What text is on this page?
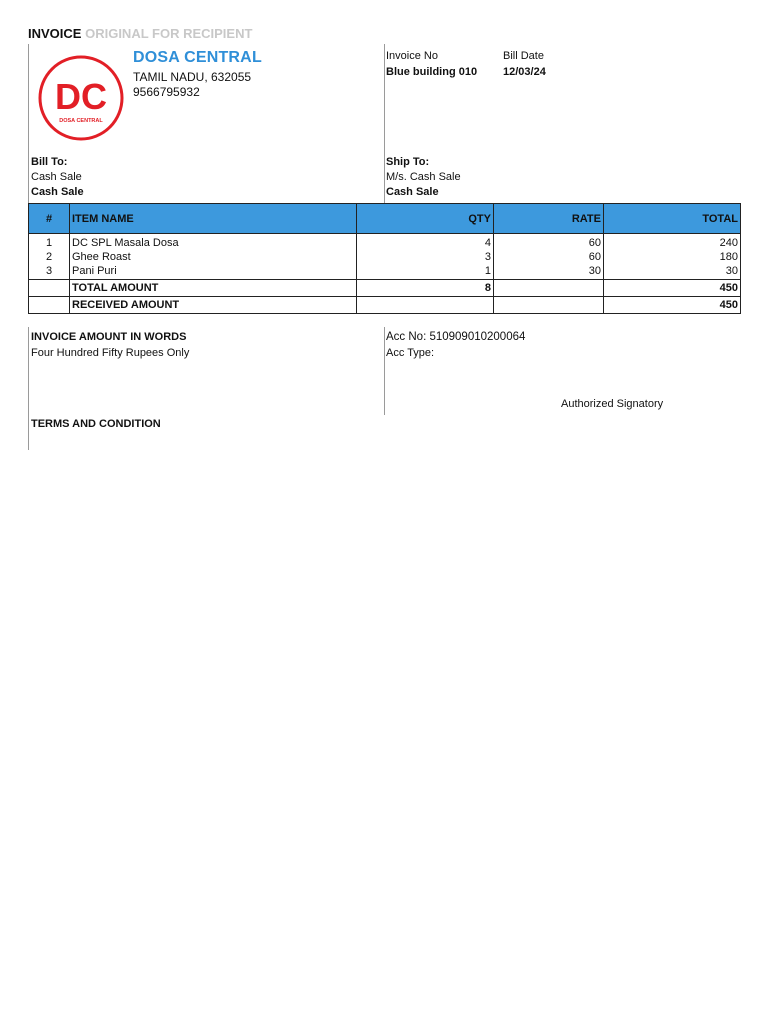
INVOICE ORIGINAL FOR RECIPIENT
DC
DOSA CENTRAL
DOSA CENTRAL
TAMIL NADU, 632055
9566795932
Invoice No
Blue building 010
Bill Date
12/03/24
Bill To:
Cash Sale
Cash Sale
Ship To:
M/s. Cash Sale
Cash Sale
#	ITEM NAME	QTY	RATE	TOTAL
1	DC SPL Masala Dosa	4	60	240
2	Ghee Roast	3	60	180
3	Pani Puri	1	30	30
	TOTAL AMOUNT	8		450
	RECEIVED AMOUNT			450
INVOICE AMOUNT IN WORDS
Four Hundred Fifty Rupees Only
Acc No: 510909010200064
Acc Type:
Authorized Signatory
TERMS AND CONDITION
